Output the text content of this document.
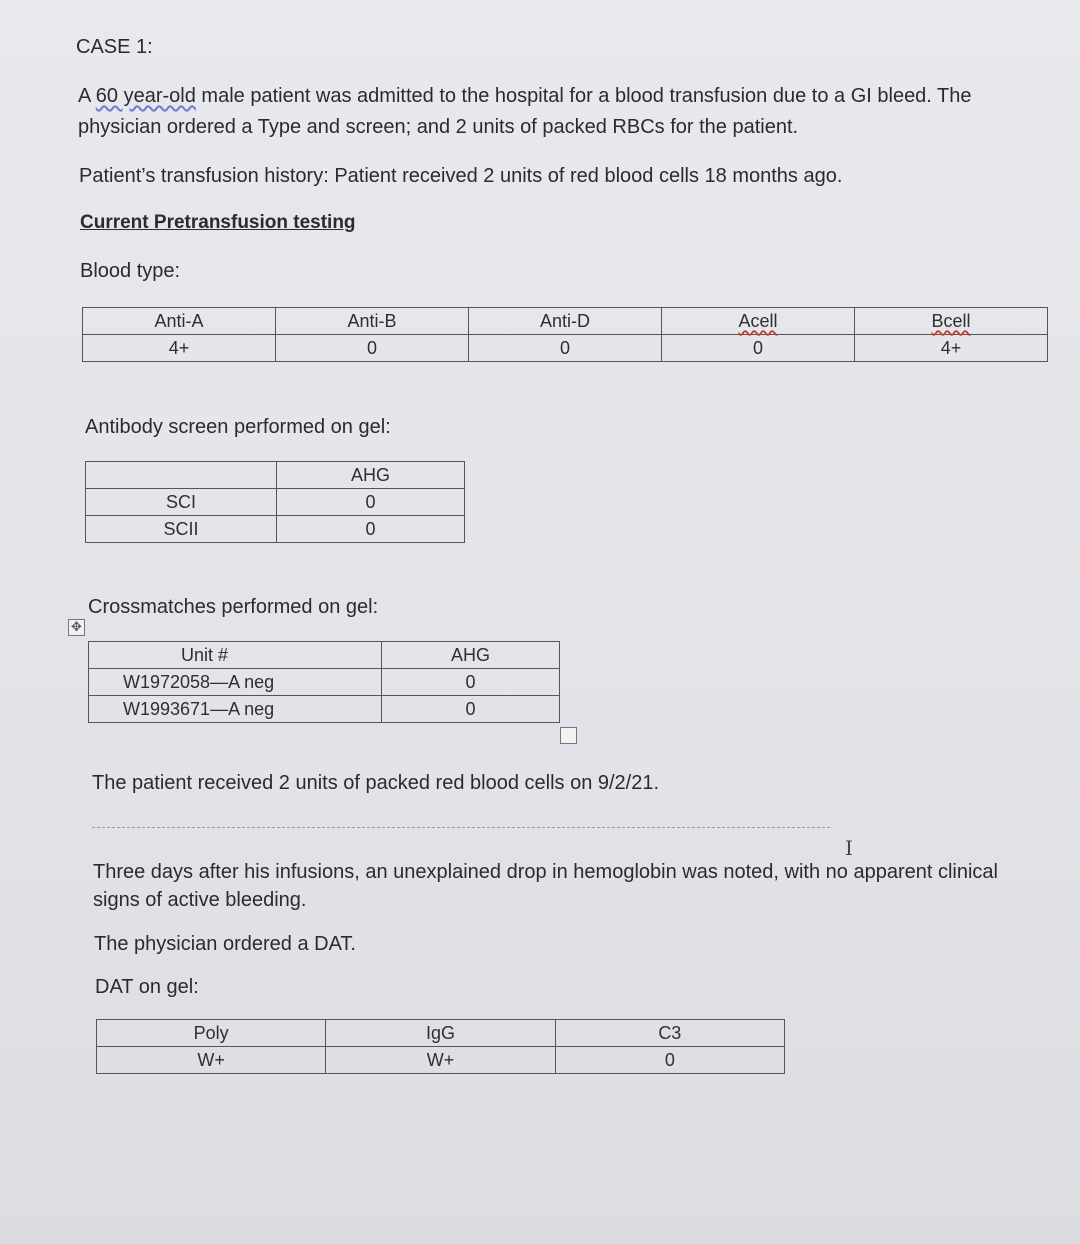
CASE 1:
A 60 year-old male patient was admitted to the hospital for a blood transfusion due to a GI bleed. The
physician ordered a Type and screen; and 2 units of packed RBCs for the patient.
Patient’s transfusion history: Patient received 2 units of red blood cells 18 months ago.
Current Pretransfusion testing
Blood type:
Anti-A	Anti-B	Anti-D	Acell	Bcell
4+	0	0	0	4+
Antibody screen performed on gel:
	AHG
SCI	0
SCII	0
Crossmatches performed on gel:
✥
Unit #	AHG
W1972058—A neg	0
W1993671—A neg	0
The patient received 2 units of packed red blood cells on 9/2/21.
I
Three days after his infusions, an unexplained drop in hemoglobin was noted, with no apparent clinical
signs of active bleeding.
The physician ordered a DAT.
DAT on gel:
Poly	IgG	C3
W+	W+	0
